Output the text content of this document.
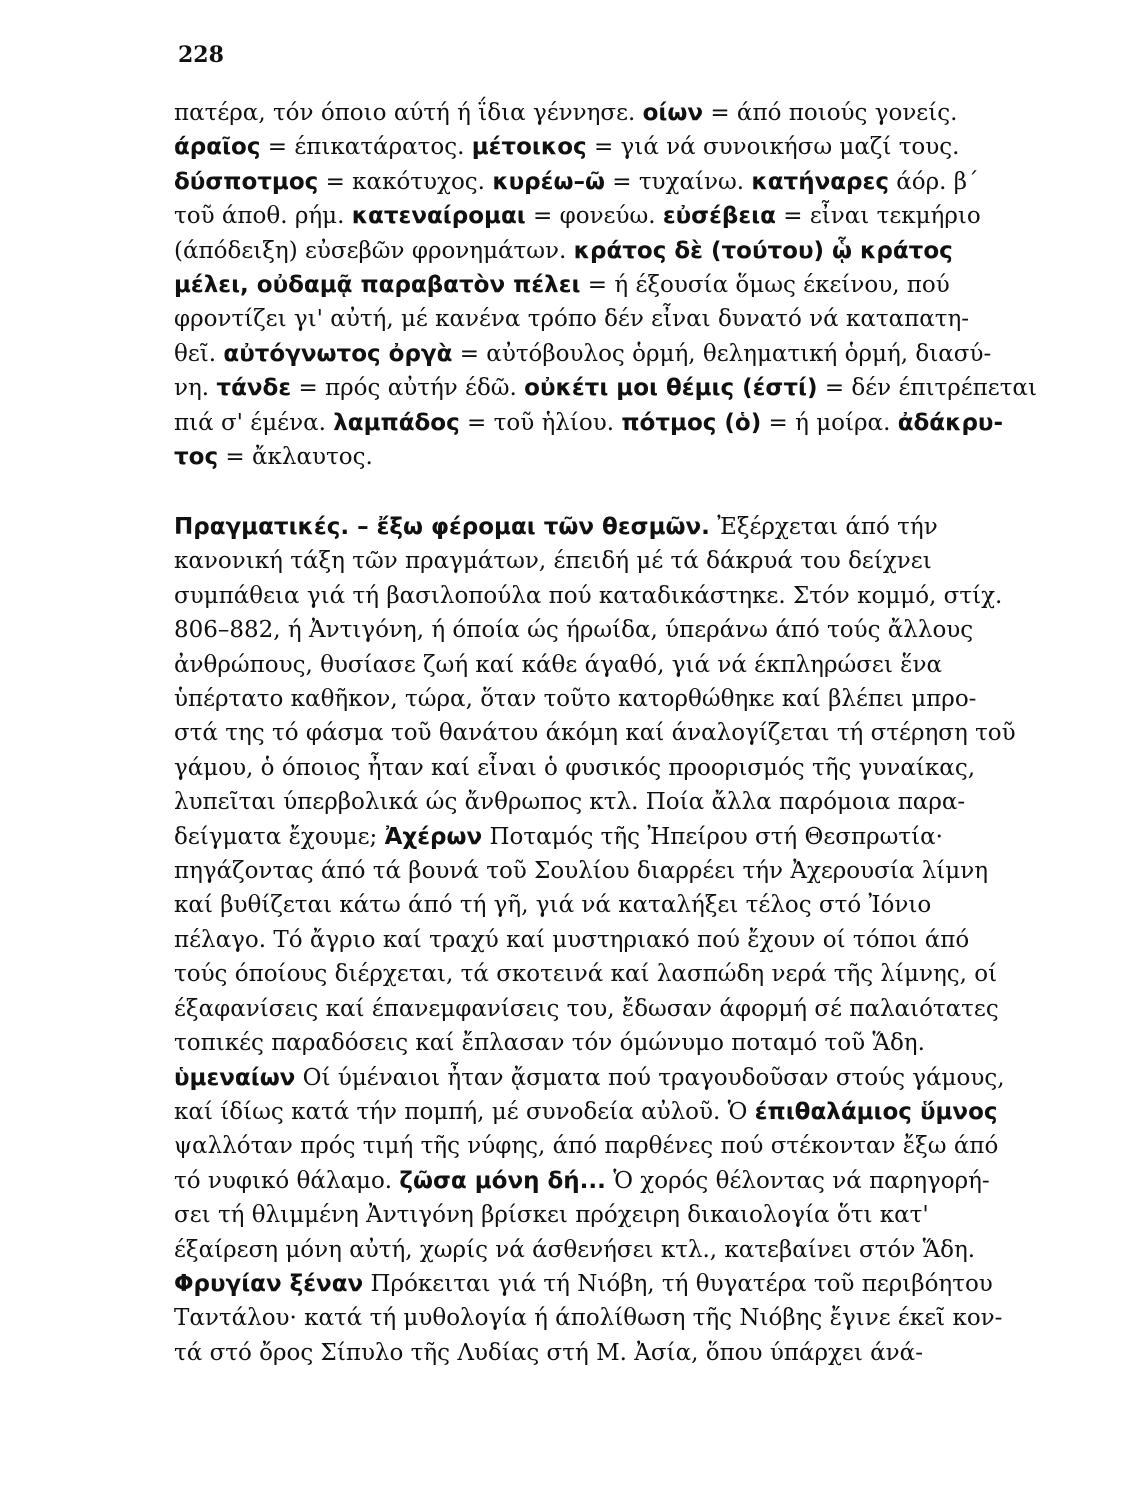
228
πατέρα, τόν όποιο αύτή ή ΐδια γέννησε. οίων = άπό ποιούς γονείς.
άραῖος = έπικατάρατος. μέτοικος = γιά νά συνοικήσω μαζί τους.
δύσποτμος = κακότυχος. κυρέω–ῶ = τυχαίνω. κατήναρες άόρ. β΄
τοῦ άποθ. ρήμ. κατεναίρομαι = φονεύω. εὐσέβεια = εἶναι τεκμήριο
(άπόδειξη) εὐσεβῶν φρονημάτων. κράτος δὲ (τούτου) ᾧ κράτος
μέλει, οὐδαμᾷ παραβατὸν πέλει = ή έξουσία ὅμως έκείνου, πού
φροντίζει γι' αὐτή, μέ κανένα τρόπο δέν εἶναι δυνατό νά καταπατη-
θεῖ. αὐτόγνωτος ὀργὰ = αὐτόβουλος ὁρμή, θεληματική ὁρμή, διασύ-
νη. τάνδε = πρός αὐτήν έδῶ. οὐκέτι μοι θέμις (έστί) = δέν έπιτρέπεται
πιά σ' έμένα. λαμπάδος = τοῦ ἡλίου. πότμος (ὁ) = ή μοίρα. ἀδάκρυ-
τος = ἄκλαυτος.
Πραγματικές. – ἔξω φέρομαι τῶν θεσμῶν. Ἐξέρχεται άπό τήν
κανονική τάξη τῶν πραγμάτων, έπειδή μέ τά δάκρυά του δείχνει
συμπάθεια γιά τή βασιλοπούλα πού καταδικάστηκε. Στόν κομμό, στίχ.
806–882, ή Ἀντιγόνη, ή όποία ώς ήρωίδα, ύπεράνω άπό τούς ἄλλους
ἀνθρώπους, θυσίασε ζωή καί κάθε άγαθό, γιά νά έκπληρώσει ἕνα
ὑπέρτατο καθῆκον, τώρα, ὅταν τοῦτο κατορθώθηκε καί βλέπει μπρο-
στά της τό φάσμα τοῦ θανάτου άκόμη καί άναλογίζεται τή στέρηση τοῦ
γάμου, ὁ όποιος ἦταν καί εἶναι ὁ φυσικός προορισμός τῆς γυναίκας,
λυπεῖται ύπερβολικά ώς ἄνθρωπος κτλ. Ποία ἄλλα παρόμοια παρα-
δείγματα ἔχουμε; Ἀχέρων Ποταμός τῆς Ἠπείρου στή Θεσπρωτία·
πηγάζοντας άπό τά βουνά τοῦ Σουλίου διαρρέει τήν Ἀχερουσία λίμνη
καί βυθίζεται κάτω άπό τή γῆ, γιά νά καταλήξει τέλος στό Ἰόνιο
πέλαγο. Τό ἄγριο καί τραχύ καί μυστηριακό πού ἔχουν οί τόποι άπό
τούς όποίους διέρχεται, τά σκοτεινά καί λασπώδη νερά τῆς λίμνης, οί
έξαφανίσεις καί έπανεμφανίσεις του, ἔδωσαν άφορμή σέ παλαιότατες
τοπικές παραδόσεις καί ἔπλασαν τόν όμώνυμο ποταμό τοῦ Ἅδη.
ὑμεναίων Οί ύμέναιοι ἦταν ᾄσματα πού τραγουδοῦσαν στούς γάμους,
καί ίδίως κατά τήν πομπή, μέ συνοδεία αὐλοῦ. Ὁ έπιθαλάμιος ὕμνος
ψαλλόταν πρός τιμή τῆς νύφης, άπό παρθένες πού στέκονταν ἔξω άπό
τό νυφικό θάλαμο. ζῶσα μόνη δή... Ὁ χορός θέλοντας νά παρηγορή-
σει τή θλιμμένη Ἀντιγόνη βρίσκει πρόχειρη δικαιολογία ὅτι κατ'
έξαίρεση μόνη αὐτή, χωρίς νά άσθενήσει κτλ., κατεβαίνει στόν Ἅδη.
Φρυγίαν ξέναν Πρόκειται γιά τή Νιόβη, τή θυγατέρα τοῦ περιβόητου
Ταντάλου· κατά τή μυθολογία ή άπολίθωση τῆς Νιόβης ἔγινε έκεῖ κον-
τά στό ὄρος Σίπυλο τῆς Λυδίας στή Μ. Ἀσία, ὅπου ύπάρχει άνά-
